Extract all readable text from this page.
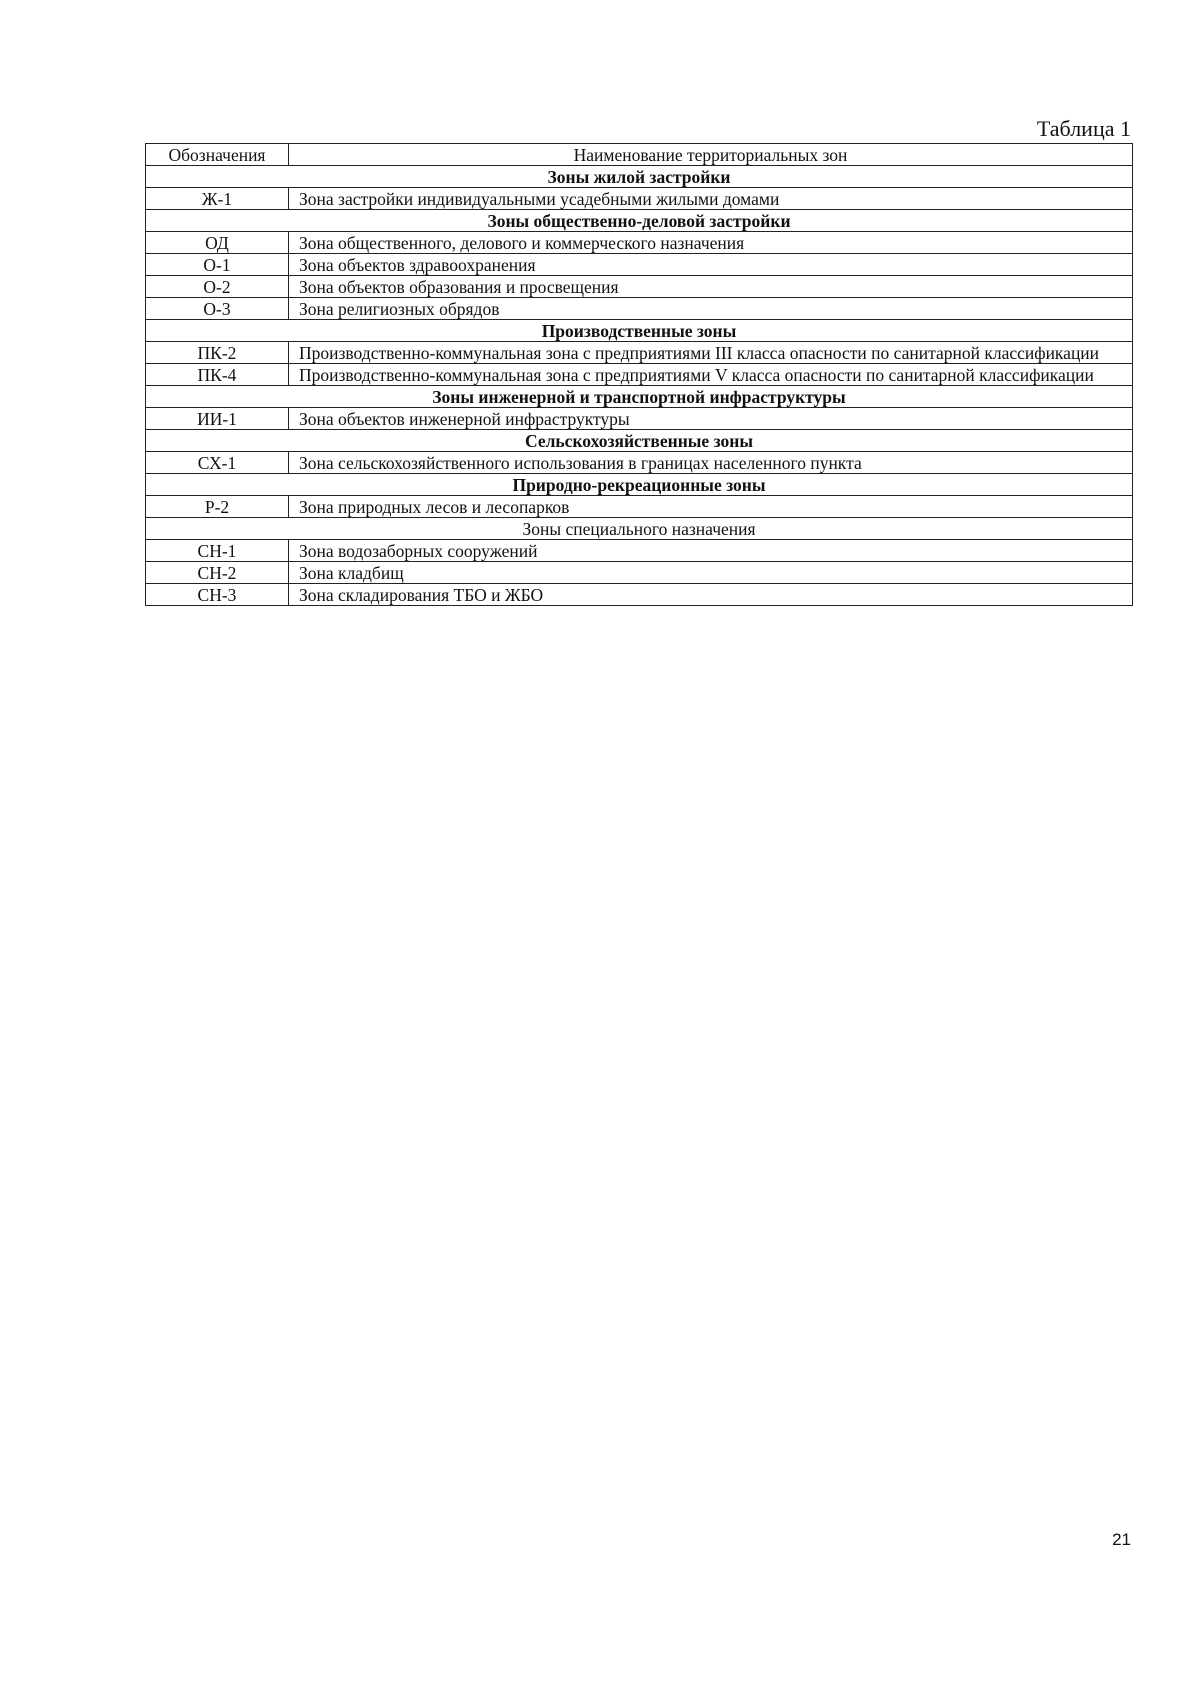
Таблица 1
Обозначения	Наименование территориальных зон
Зоны жилой застройки	
Ж-1	Зона застройки индивидуальными усадебными жилыми домами
Зоны общественно-деловой застройки	
ОД	Зона общественного, делового и коммерческого назначения
О-1	Зона объектов здравоохранения
О-2	Зона объектов образования и просвещения
О-3	Зона религиозных обрядов
Производственные зоны	
ПК-2	Производственно-коммунальная зона с предприятиями III класса опасности по санитарной классификации
ПК-4	Производственно-коммунальная зона с предприятиями V класса опасности по санитарной классификации
Зоны инженерной и транспортной инфраструктуры	
ИИ-1	Зона объектов инженерной инфраструктуры
Сельскохозяйственные зоны	
СХ-1	Зона сельскохозяйственного использования в границах населенного пункта
Природно-рекреационные зоны	
Р-2	Зона природных лесов и лесопарков
Зоны специального назначения	
СН-1	Зона водозаборных сооружений
СН-2	Зона кладбищ
СН-3	Зона складирования ТБО и ЖБО
21
